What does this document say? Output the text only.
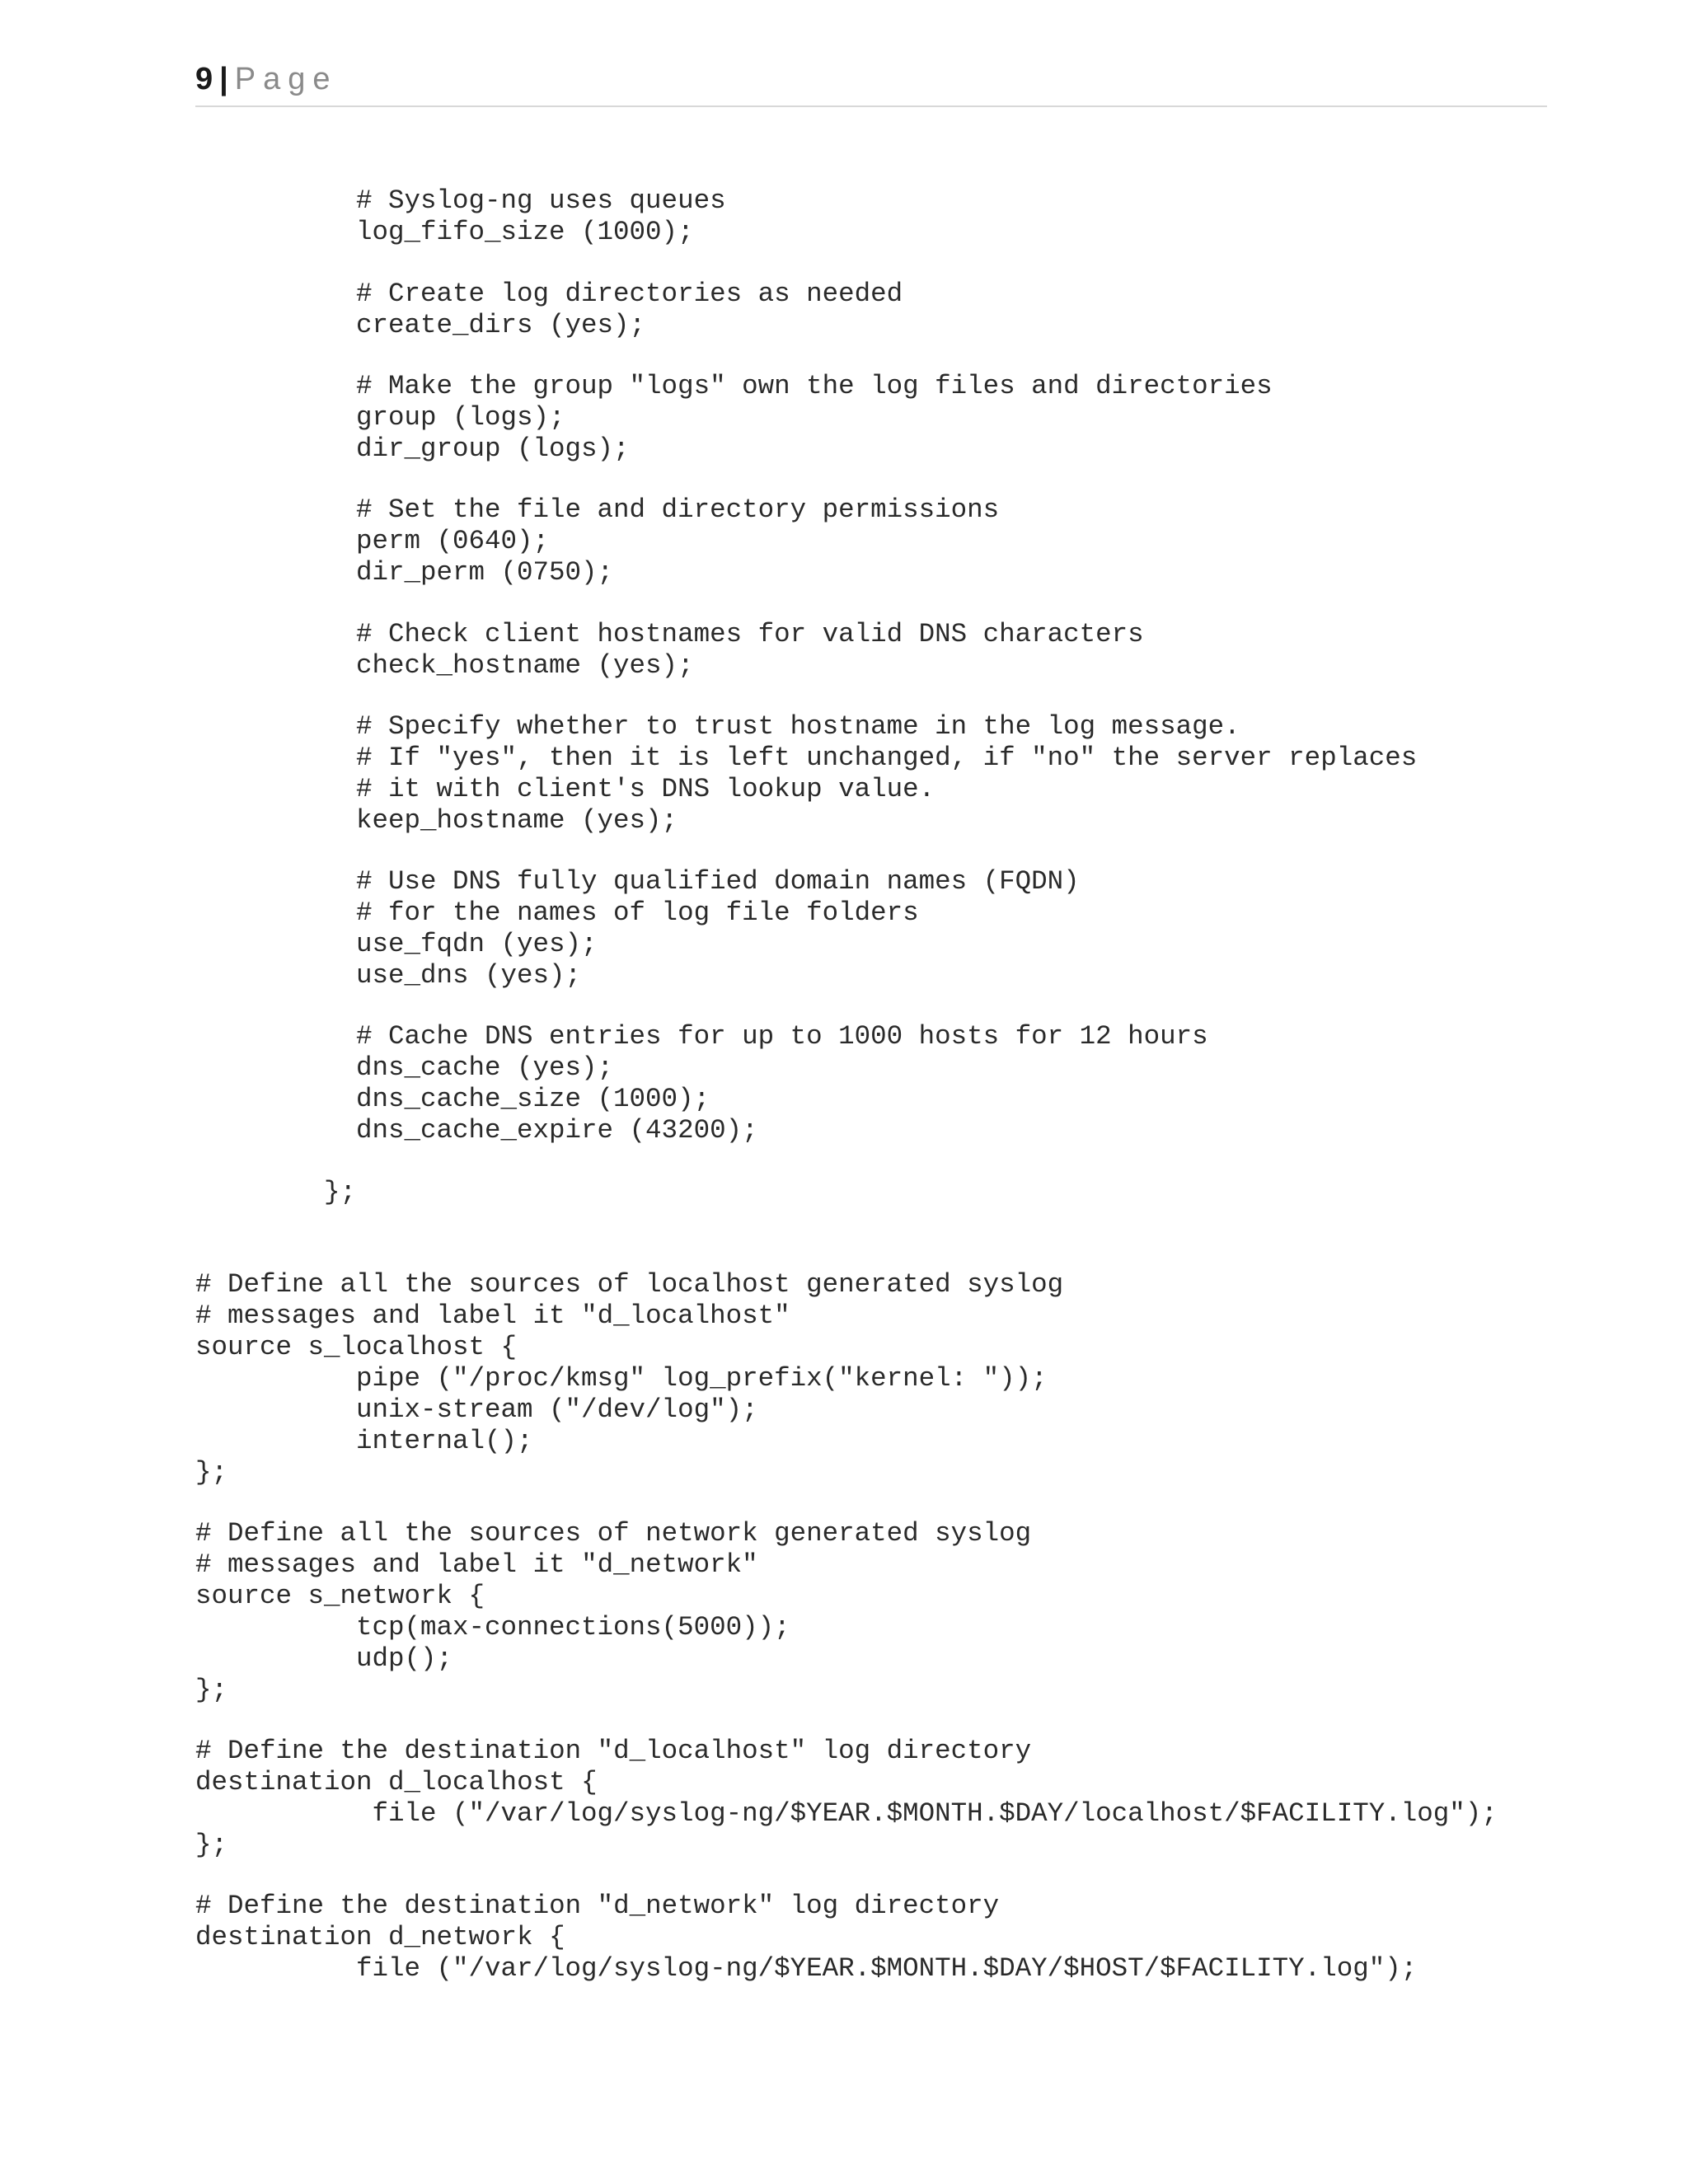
9 | Page
# Syslog-ng uses queues
log_fifo_size (1000);
# Create log directories as needed
create_dirs (yes);
# Make the group "logs" own the log files and directories
group (logs);
dir_group (logs);
# Set the file and directory permissions
perm (0640);
dir_perm (0750);
# Check client hostnames for valid DNS characters
check_hostname (yes);
# Specify whether to trust hostname in the log message.
# If "yes", then it is left unchanged, if "no" the server replaces
# it with client's DNS lookup value.
keep_hostname (yes);
# Use DNS fully qualified domain names (FQDN)
# for the names of log file folders
use_fqdn (yes);
use_dns (yes);
# Cache DNS entries for up to 1000 hosts for 12 hours
dns_cache (yes);
dns_cache_size (1000);
dns_cache_expire (43200);
};
# Define all the sources of localhost generated syslog
# messages and label it "d_localhost"
source s_localhost {
pipe ("/proc/kmsg" log_prefix("kernel: "));
unix-stream ("/dev/log");
internal();
};
# Define all the sources of network generated syslog
# messages and label it "d_network"
source s_network {
tcp(max-connections(5000));
udp();
};
# Define the destination "d_localhost" log directory
destination d_localhost {
file ("/var/log/syslog-ng/$YEAR.$MONTH.$DAY/localhost/$FACILITY.log");
};
# Define the destination "d_network" log directory
destination d_network {
file ("/var/log/syslog-ng/$YEAR.$MONTH.$DAY/$HOST/$FACILITY.log");
